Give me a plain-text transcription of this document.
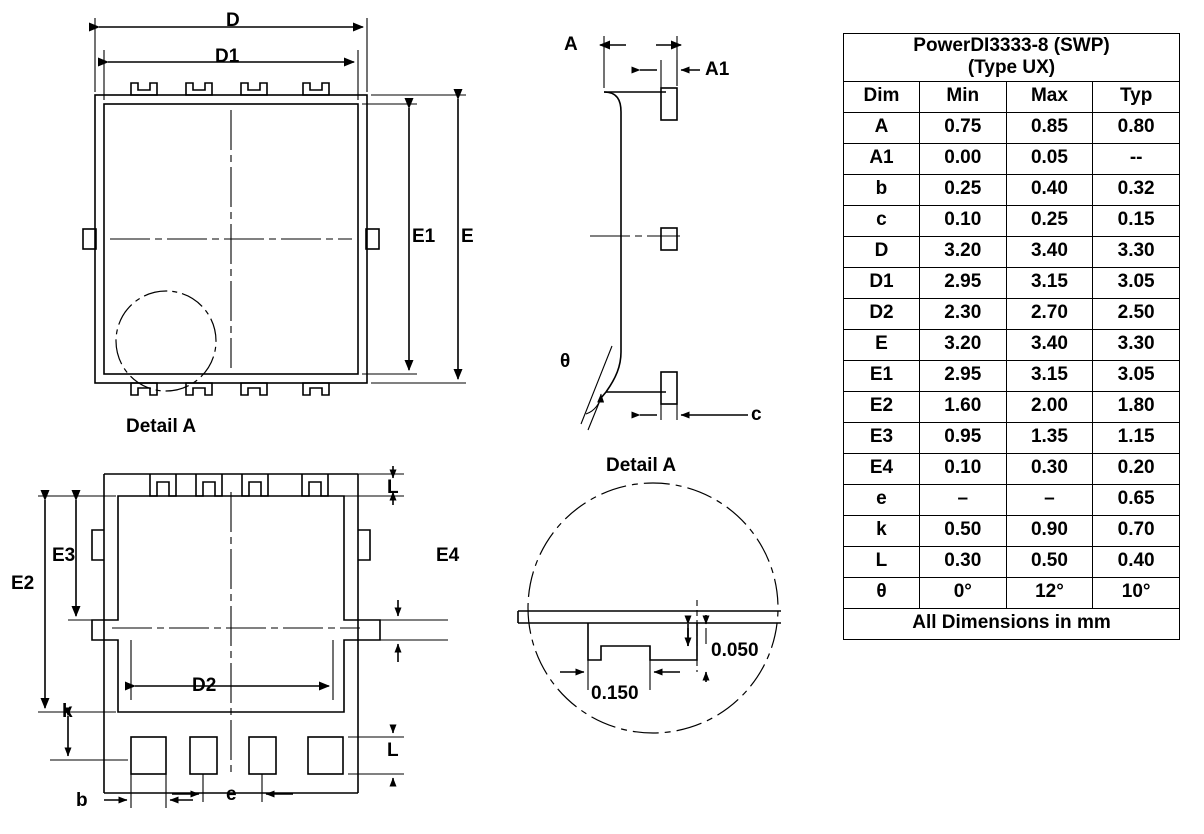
D
D1
E1 E
Detail A
A
A1
θ
c
E2
E3	E4
D2
L
L
k
b	e
Detail A
0.050
0.150
PowerDI3333-8 (SWP)
(Type UX)			
Dim	Min	Max	Typ
A	0.75	0.85	0.80
A1	0.00	0.05	--
b	0.25	0.40	0.32
c	0.10	0.25	0.15
D	3.20	3.40	3.30
D1	2.95	3.15	3.05
D2	2.30	2.70	2.50
E	3.20	3.40	3.30
E1	2.95	3.15	3.05
E2	1.60	2.00	1.80
E3	0.95	1.35	1.15
E4	0.10	0.30	0.20
e	–	–	0.65
k	0.50	0.90	0.70
L	0.30	0.50	0.40
θ	0°	12°	10°
All Dimensions in mm			
